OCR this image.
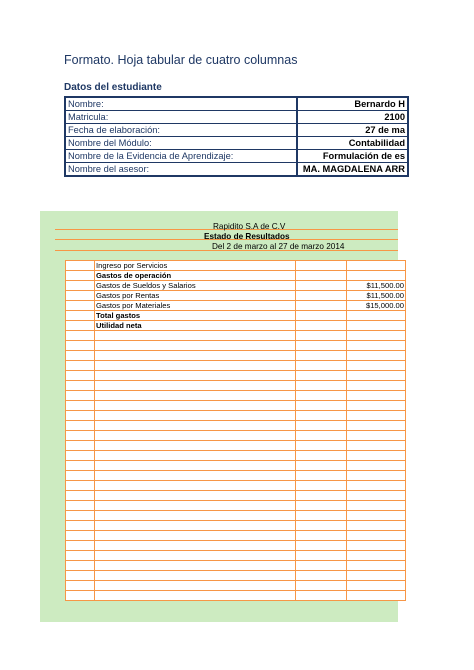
Formato. Hoja tabular de cuatro columnas
Datos del estudiante
Nombre:	Bernardo H
Matricula:	2100
Fecha de elaboración:	27 de ma
Nombre del Módulo:	Contabilidad
Nombre de la Evidencia de Aprendizaje:	Formulación de es
Nombre del asesor:	MA. MAGDALENA ARR
Rapidito S.A de C.V
Estado de Resultados
Del 2 de marzo al 27 de marzo 2014
	Ingreso por Servicios		
	Gastos de operación		
	Gastos de Sueldos y Salarios		$11,500.00
	Gastos por Rentas		$11,500.00
	Gastos por Materiales		$15,000.00
	Total gastos		
	Utilidad neta		
